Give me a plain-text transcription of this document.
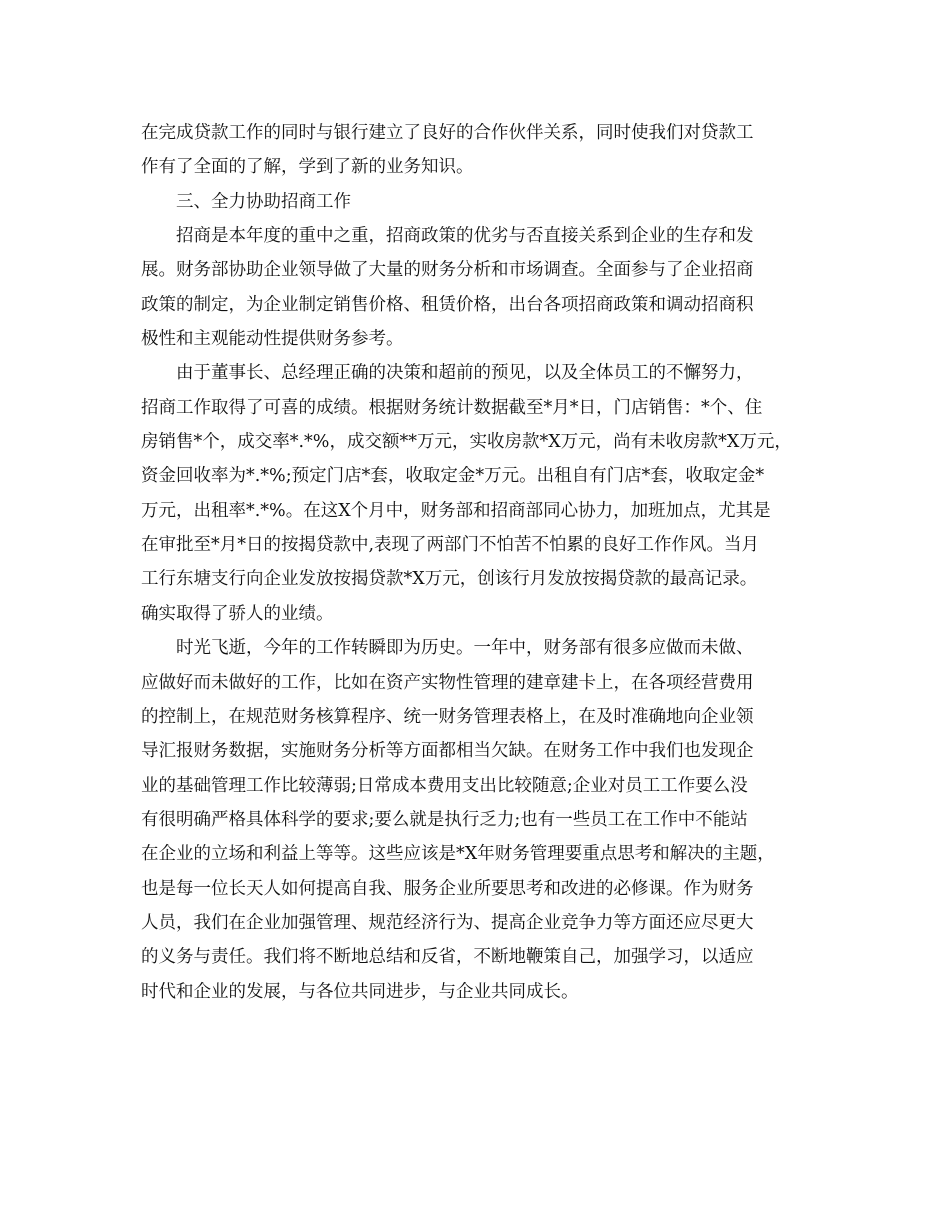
在完成贷款工作的同时与银行建立了良好的合作伙伴关系，同时使我们对贷款工

作有了全面的了解，学到了新的业务知识。

三、全力协助招商工作

招商是本年度的重中之重，招商政策的优劣与否直接关系到企业的生存和发

展。财务部协助企业领导做了大量的财务分析和市场调查。全面参与了企业招商

政策的制定，为企业制定销售价格、租赁价格，出台各项招商政策和调动招商积

极性和主观能动性提供财务参考。

由于董事长、总经理正确的决策和超前的预见，以及全体员工的不懈努力，

招商工作取得了可喜的成绩。根据财务统计数据截至*月*日，门店销售：*个、住

房销售*个，成交率*.*%，成交额**万元，实收房款*X万元，尚有未收房款*X万元，

资金回收率为*.*%;预定门店*套，收取定金*万元。出租自有门店*套，收取定金*

万元，出租率*.*%。在这X个月中，财务部和招商部同心协力，加班加点，尤其是

在审批至*月*日的按揭贷款中,表现了两部门不怕苦不怕累的良好工作作风。当月

工行东塘支行向企业发放按揭贷款*X万元，创该行月发放按揭贷款的最高记录。

确实取得了骄人的业绩。

时光飞逝，今年的工作转瞬即为历史。一年中，财务部有很多应做而未做、

应做好而未做好的工作，比如在资产实物性管理的建章建卡上，在各项经营费用

的控制上，在规范财务核算程序、统一财务管理表格上，在及时准确地向企业领

导汇报财务数据，实施财务分析等方面都相当欠缺。在财务工作中我们也发现企

业的基础管理工作比较薄弱;日常成本费用支出比较随意;企业对员工工作要么没

有很明确严格具体科学的要求;要么就是执行乏力;也有一些员工在工作中不能站

在企业的立场和利益上等等。这些应该是*X年财务管理要重点思考和解决的主题，

也是每一位长天人如何提高自我、服务企业所要思考和改进的必修课。作为财务

人员，我们在企业加强管理、规范经济行为、提高企业竞争力等方面还应尽更大

的义务与责任。我们将不断地总结和反省，不断地鞭策自己，加强学习，以适应

时代和企业的发展，与各位共同进步，与企业共同成长。
